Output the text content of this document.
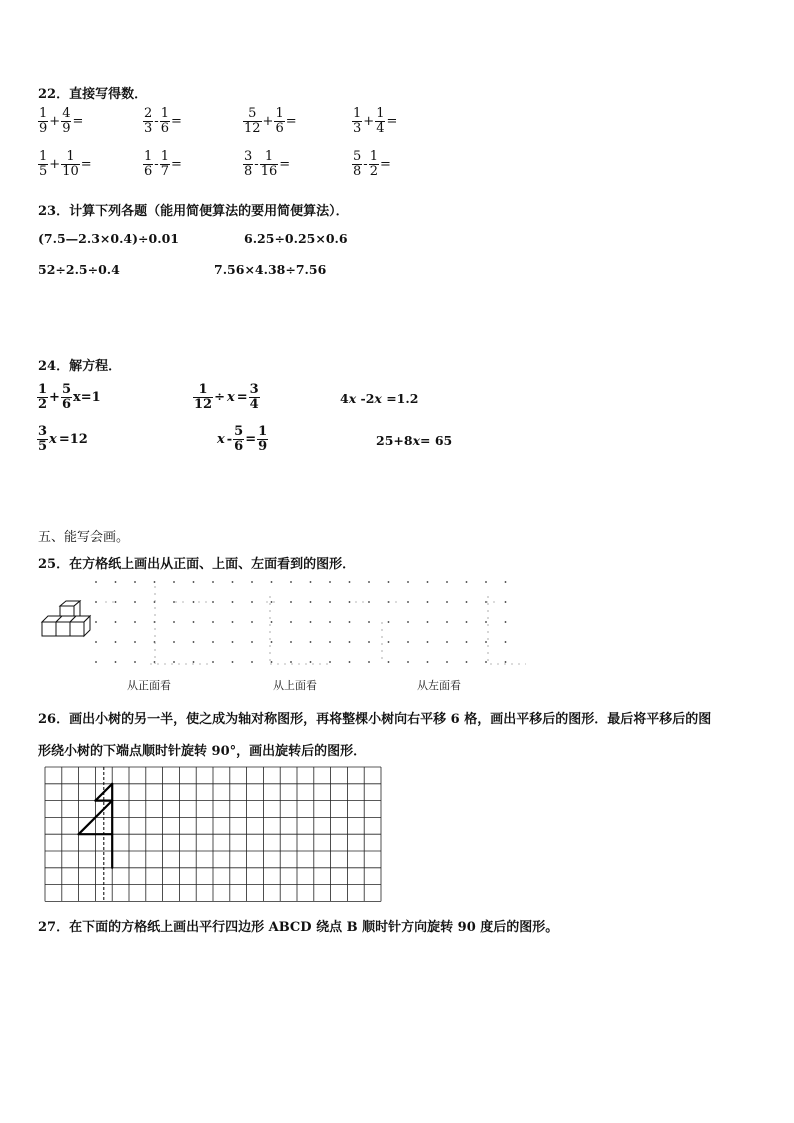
22．直接写得数．
$\frac{1}{9} + \frac{4}{9}$ =	$\frac{2}{3} - \frac{1}{6}$ =	$\frac{5}{12} + \frac{1}{6}$ =	$\frac{1}{3} + \frac{1}{4}$ =
$\frac{1}{5} + \frac{1}{10}$ =	$\frac{1}{6} - \frac{1}{7}$ =	$\frac{3}{8} - \frac{1}{16}$ =	$\frac{5}{8} - \frac{1}{2}$ =
23．计算下列各题（能用简便算法的要用简便算法）．
(7.5—2.3×0.4)÷0.01	6.25÷0.25×0.6
52÷2.5÷0.4	7.56×4.38÷7.56
24．解方程．
$\frac{1}{2} + \frac{5}{6} x=1$	$\frac{1}{12} \div x = \frac{3}{4}$	4x -2x =1.2
$\frac{3}{5} x=12$	$x - \frac{5}{6} = \frac{1}{9}$	25+8x= 65
五、能写会画。
25．在方格纸上画出从正面、上面、左面看到的图形．
从正面看	从上面看	从左面看
26．画出小树的另一半，使之成为轴对称图形，再将整棵小树向右平移 6 格，画出平移后的图形．最后将平移后的图
形绕小树的下端点顺时针旋转 90°，画出旋转后的图形．
27．在下面的方格纸上画出平行四边形 ABCD 绕点 B 顺时针方向旋转 90 度后的图形。
